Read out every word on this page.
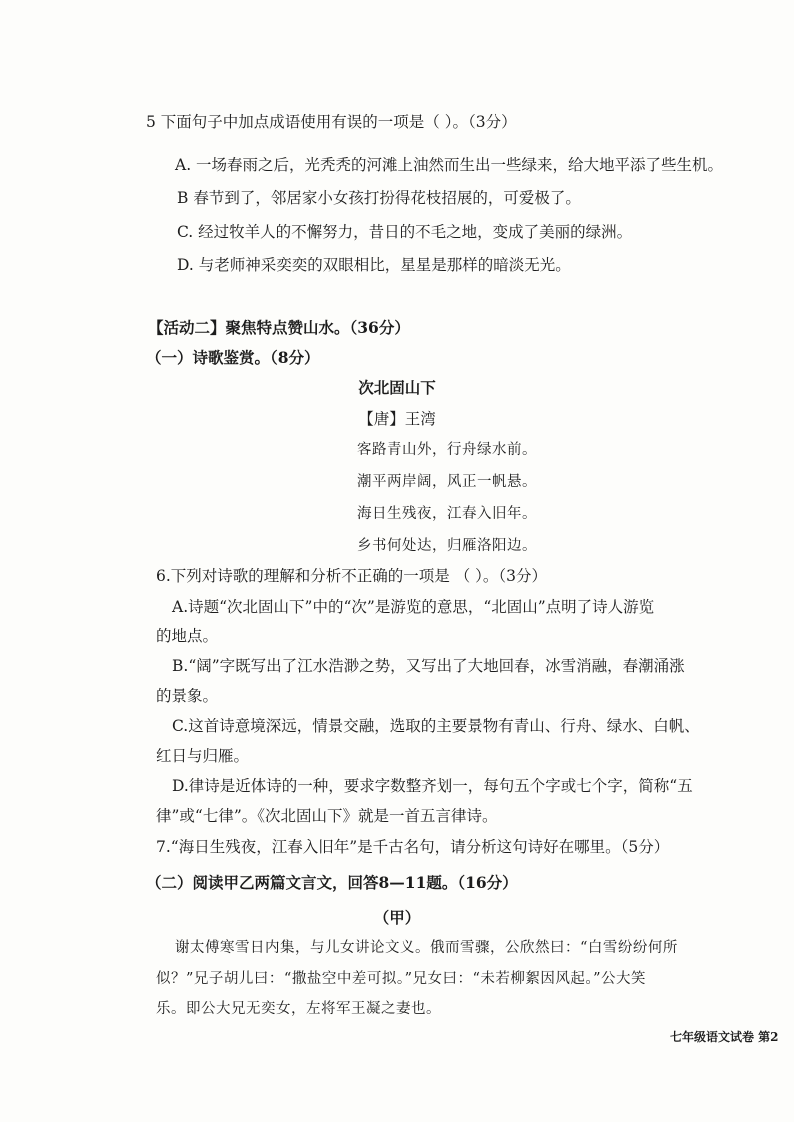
5 下面句子中加点成语使用有误的一项是（ ）。（3分）
A. 一场春雨之后，光秃秃的河滩上油然而生出一些绿来，给大地平添了些生机。
B 春节到了，邻居家小女孩打扮得花枝招展的，可爱极了。
C. 经过牧羊人的不懈努力，昔日的不毛之地，变成了美丽的绿洲。
D. 与老师神采奕奕的双眼相比，星星是那样的暗淡无光。
【活动二】聚焦特点赞山水。（36分）
（一）诗歌鉴赏。（8分）
次北固山下
【唐】王湾
客路青山外，行舟绿水前。
潮平两岸阔，风正一帆悬。
海日生残夜，江春入旧年。
乡书何处达，归雁洛阳边。
6.下列对诗歌的理解和分析不正确的一项是 （ ）。（3分）
A.诗题“次北固山下”中的“次”是游览的意思，“北固山”点明了诗人游览
的地点。
B.“阔”字既写出了江水浩渺之势，又写出了大地回春，冰雪消融，春潮涌涨
的景象。
C.这首诗意境深远，情景交融，选取的主要景物有青山、行舟、绿水、白帆、
红日与归雁。
D.律诗是近体诗的一种，要求字数整齐划一，每句五个字或七个字，简称“五
律”或“七律”。《次北固山下》就是一首五言律诗。
7.“海日生残夜，江春入旧年”是千古名句，请分析这句诗好在哪里。（5分）
（二）阅读甲乙两篇文言文，回答8—11题。（16分）
（甲）
谢太傅寒雪日内集，与儿女讲论文义。俄而雪骤，公欣然曰：“白雪纷纷何所
似？”兄子胡儿曰：“撒盐空中差可拟。”兄女曰：“未若柳絮因风起。”公大笑
乐。即公大兄无奕女，左将军王凝之妻也。
七年级语文试卷 第2
